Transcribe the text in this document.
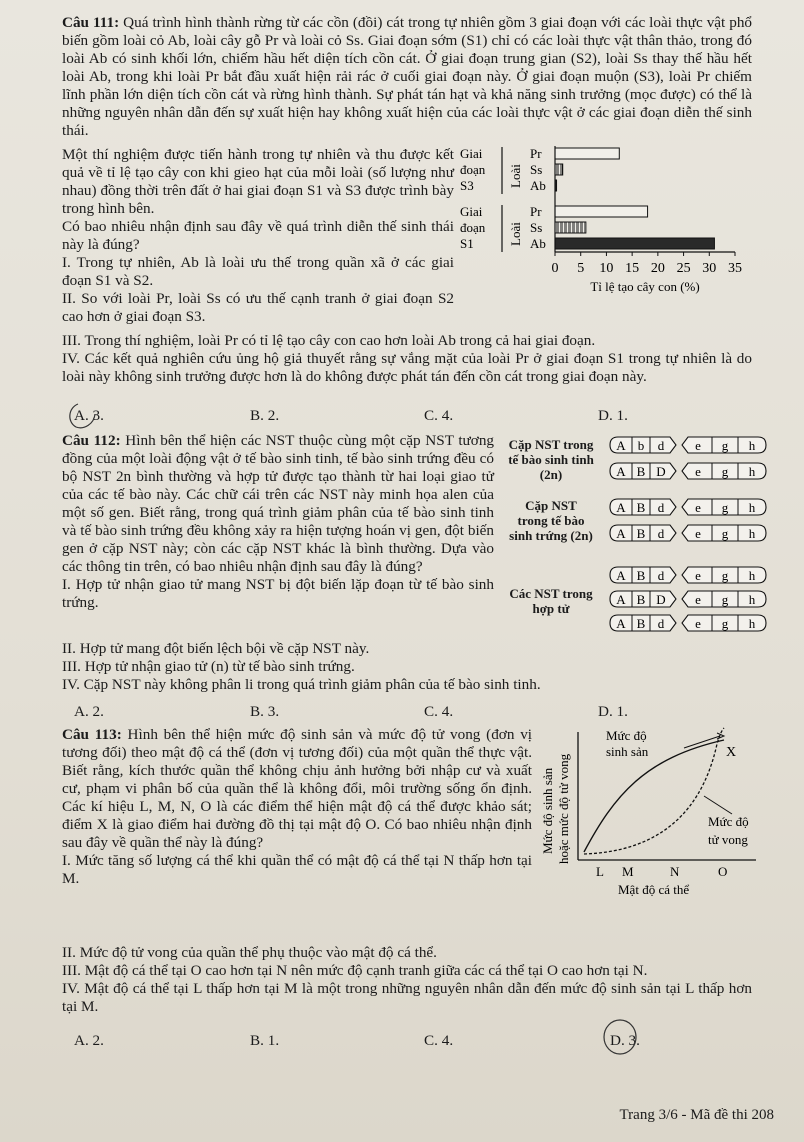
Câu 111: Quá trình hình thành rừng từ các cồn (đồi) cát trong tự nhiên gồm 3 giai đoạn với các loài thực vật phổ biến gồm loài cỏ Ab, loài cây gỗ Pr và loài cỏ Ss. Giai đoạn sớm (S1) chỉ có các loài thực vật thân thảo, trong đó loài Ab có sinh khối lớn, chiếm hầu hết diện tích cồn cát. Ở giai đoạn trung gian (S2), loài Ss thay thế hầu hết loài Ab, trong khi loài Pr bắt đầu xuất hiện rải rác ở cuối giai đoạn này. Ở giai đoạn muộn (S3), loài Pr chiếm lĩnh phần lớn diện tích cồn cát và rừng hình thành. Sự phát tán hạt và khả năng sinh trưởng (mọc được) có thể là những nguyên nhân dẫn đến sự xuất hiện hay không xuất hiện của các loài thực vật ở các giai đoạn diễn thế sinh thái.

Một thí nghiệm được tiến hành trong tự nhiên và thu được kết quả về tỉ lệ tạo cây con khi gieo hạt của mỗi loài (số lượng như nhau) đồng thời trên đất ở hai giai đoạn S1 và S3 được trình bày trong hình bên.

Có bao nhiêu nhận định sau đây về quá trình diễn thế sinh thái này là đúng?

I. Trong tự nhiên, Ab là loài ưu thế trong quần xã ở các giai đoạn S1 và S2.

II. So với loài Pr, loài Ss có ưu thế cạnh tranh ở giai đoạn S2 cao hơn ở giai đoạn S3.

Giai
đoạn
S3	Loài
Pr
Ss
Ab
Giai
đoạn
S1	Loài
Pr
Ss
Ab
0 5 10 15 20 25 30 35
Tỉ lệ tạo cây con (%)

III. Trong thí nghiệm, loài Pr có tỉ lệ tạo cây con cao hơn loài Ab trong cả hai giai đoạn.

IV. Các kết quả nghiên cứu ủng hộ giả thuyết rằng sự vắng mặt của loài Pr ở giai đoạn S1 trong tự nhiên là do loài này không sinh trưởng được hơn là do không được phát tán đến cồn cát trong giai đoạn này.

A. 3.	B. 2.	C. 4.	D. 1.

Câu 112: Hình bên thể hiện các NST thuộc cùng một cặp NST tương đồng của một loài động vật ở tế bào sinh tinh, tế bào sinh trứng đều có bộ NST 2n bình thường và hợp tử được tạo thành từ hai loại giao tử của các tế bào này. Các chữ cái trên các NST này minh họa alen của một số gen. Biết rằng, trong quá trình giảm phân của tế bào sinh tinh và tế bào sinh trứng đều không xảy ra hiện tượng hoán vị gen, đột biến gen ở cặp NST này; còn các cặp NST khác là bình thường. Dựa vào các thông tin trên, có bao nhiêu nhận định sau đây là đúng?

I. Hợp tử nhận giao tử mang NST bị đột biến lặp đoạn từ tế bào sinh trứng.

Cặp NST trong
tế bào sinh tinh
(2n)
Cặp NST
trong tế bào
sinh trứng (2n)
Các NST trong
hợp tử
A b d e g h
A B D e g h
A B d e g h
A B d e g h
A B d e g h
A B D e g h
A B d e g h

II. Hợp tử mang đột biến lệch bội về cặp NST này.

III. Hợp tử nhận giao tử (n) từ tế bào sinh trứng.

IV. Cặp NST này không phân li trong quá trình giảm phân của tế bào sinh tinh.

A. 2.	B. 3.	C. 4.	D. 1.

Câu 113: Hình bên thể hiện mức độ sinh sản và mức độ tử vong (đơn vị tương đối) theo mật độ cá thể (đơn vị tương đối) của một quần thể thực vật. Biết rằng, kích thước quần thể không chịu ảnh hưởng bởi nhập cư và xuất cư, phạm vi phân bố của quần thể là không đổi, môi trường sống ổn định. Các kí hiệu L, M, N, O là các điểm thể hiện mật độ cá thể được khảo sát; điểm X là giao điểm hai đường đồ thị tại mật độ O. Có bao nhiêu nhận định sau đây về quần thể này là đúng?

I. Mức tăng số lượng cá thể khi quần thể có mật độ cá thể tại N thấp hơn tại M.

Mức độ sinh sản hoặc mức độ tử vong
Mức độ
sinh sản	X
Mức độ
tử vong
L M	N	O
Mật độ cá thể

II. Mức độ tử vong của quần thể phụ thuộc vào mật độ cá thể.

III. Mật độ cá thể tại O cao hơn tại N nên mức độ cạnh tranh giữa các cá thể tại O cao hơn tại N.

IV. Mật độ cá thể tại L thấp hơn tại M là một trong những nguyên nhân dẫn đến mức độ sinh sản tại L thấp hơn tại M.

A. 2.	B. 1.	C. 4.	D. 3.
Trang 3/6 - Mã đề thi 208
